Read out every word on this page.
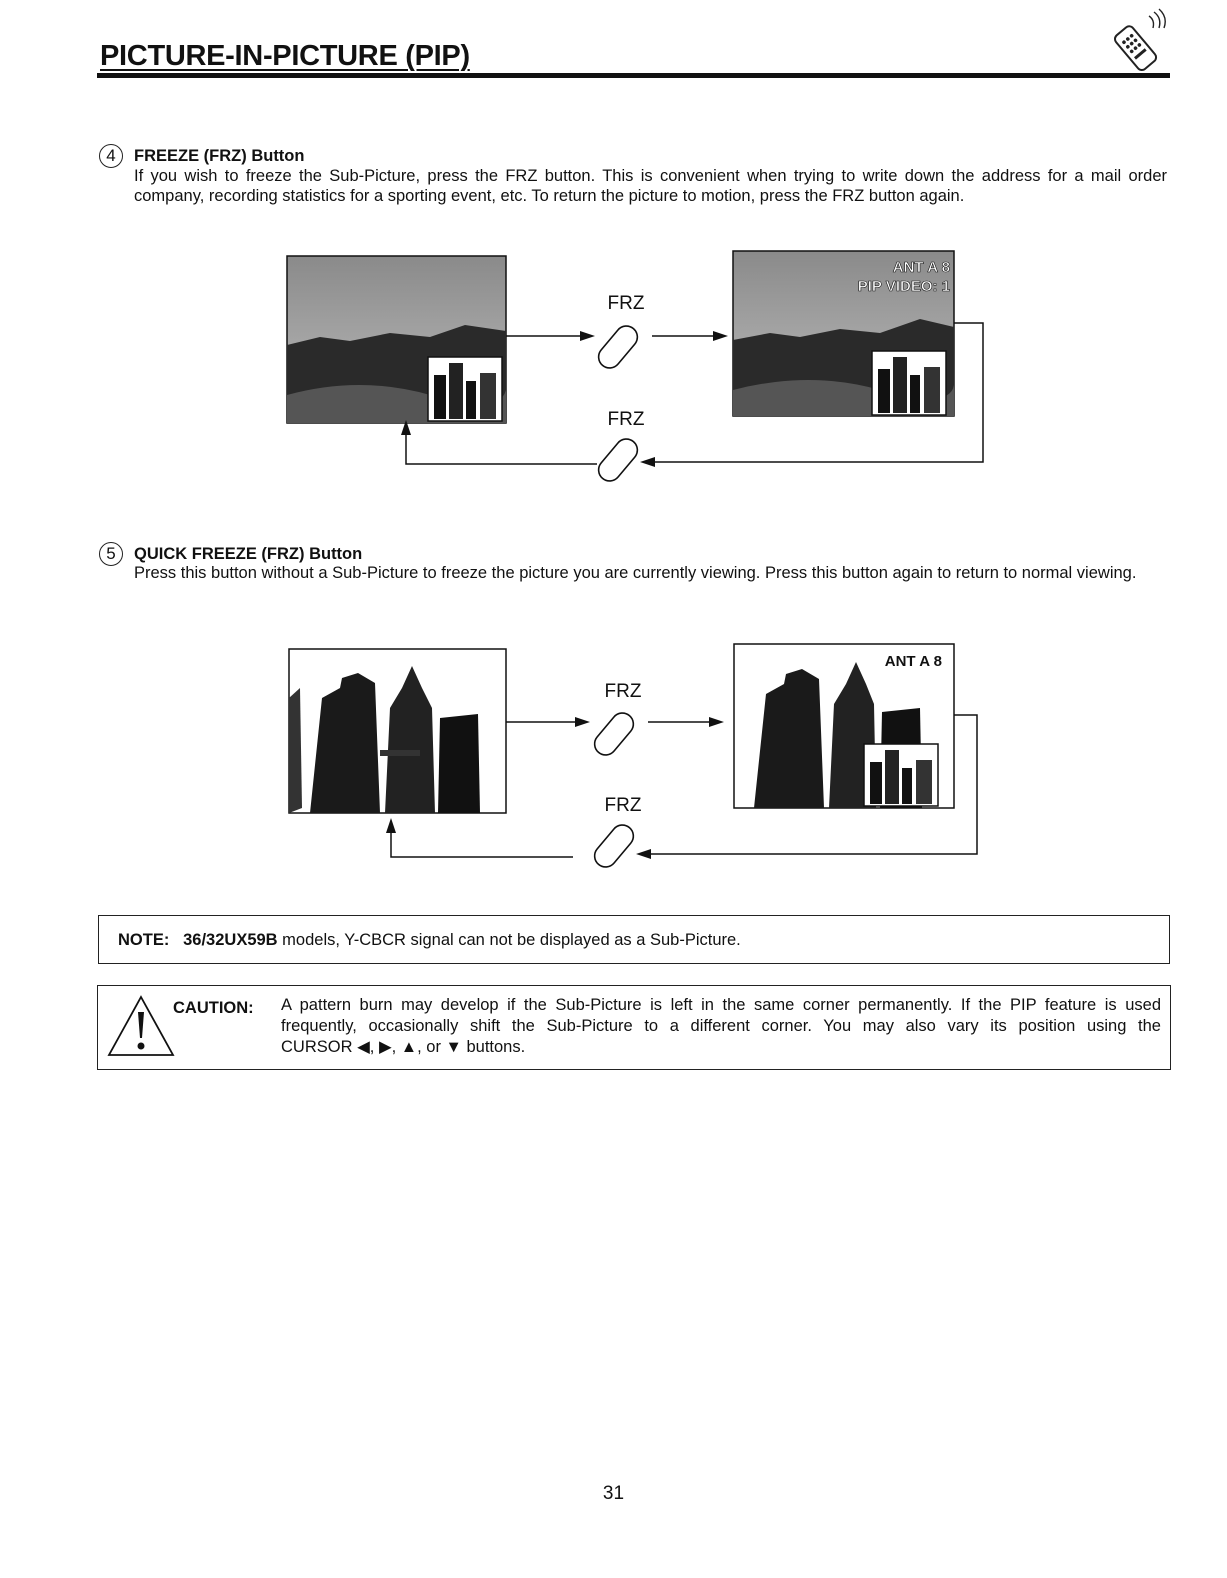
PICTURE-IN-PICTURE (PIP)
4	FREEZE (FRZ) Button
If you wish to freeze the Sub-Picture, press the FRZ button. This is convenient when trying to write down the address for a mail order company, recording statistics for a sporting event, etc. To return the picture to motion, press the FRZ button again.
ANT A 8
PIP VIDEO: 1
FRZ
FRZ
5	QUICK FREEZE (FRZ) Button
Press this button without a Sub-Picture to freeze the picture you are currently viewing. Press this button again to return to normal viewing.
ANT A 8
FRZ
FRZ
NOTE: 36/32UX59B models, Y-CBCR signal can not be displayed as a Sub-Picture.
CAUTION: A pattern burn may develop if the Sub-Picture is left in the same corner permanently. If the PIP feature is used
frequently, occasionally shift the Sub-Picture to a different corner. You may also vary its position using the
CURSOR ◀, ▶, ▲, or ▼ buttons.
31
